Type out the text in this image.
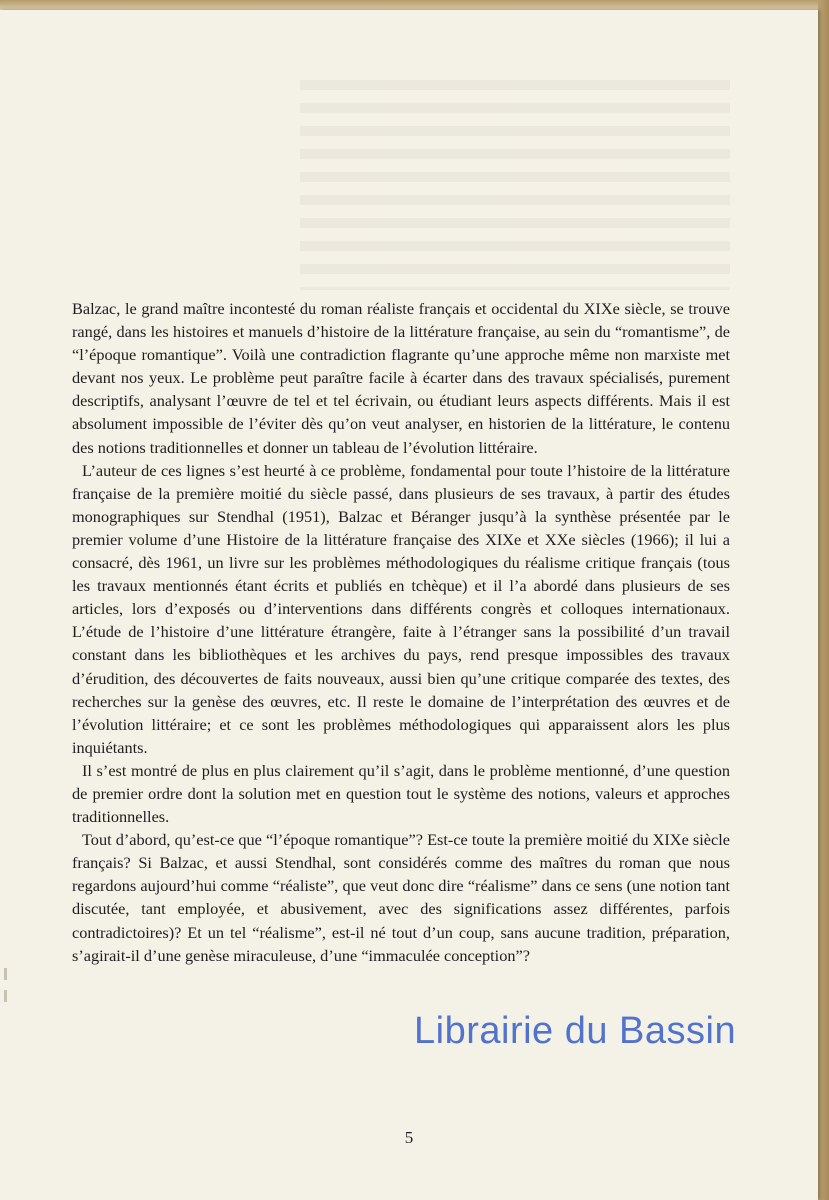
Balzac, le grand maître incontesté du roman réaliste français et occidental du XIXe siècle, se trouve rangé, dans les histoires et manuels d’histoire de la littérature française, au sein du “romantisme”, de “l’époque romantique”. Voilà une contradiction flagrante qu’une approche même non marxiste met devant nos yeux. Le problème peut paraître facile à écarter dans des travaux spécialisés, purement descriptifs, analysant l’œuvre de tel et tel écrivain, ou étudiant leurs aspects différents. Mais il est absolument impossible de l’éviter dès qu’on veut analyser, en historien de la littérature, le contenu des notions traditionnelles et donner un tableau de l’évolution littéraire.

L’auteur de ces lignes s’est heurté à ce problème, fondamental pour toute l’histoire de la littérature française de la première moitié du siècle passé, dans plusieurs de ses travaux, à partir des études monographiques sur Stendhal (1951), Balzac et Béranger jusqu’à la synthèse présentée par le premier volume d’une Histoire de la littérature française des XIXe et XXe siècles (1966); il lui a consacré, dès 1961, un livre sur les problèmes méthodologiques du réalisme critique français (tous les travaux mentionnés étant écrits et publiés en tchèque) et il l’a abordé dans plusieurs de ses articles, lors d’exposés ou d’interventions dans différents congrès et colloques internationaux. L’étude de l’histoire d’une littérature étrangère, faite à l’étranger sans la possibilité d’un travail constant dans les bibliothèques et les archives du pays, rend presque impossibles des travaux d’érudition, des découvertes de faits nouveaux, aussi bien qu’une critique comparée des textes, des recherches sur la genèse des œuvres, etc. Il reste le domaine de l’interprétation des œuvres et de l’évolution littéraire; et ce sont les problèmes méthodologiques qui apparaissent alors les plus inquiétants.

Il s’est montré de plus en plus clairement qu’il s’agit, dans le problème mentionné, d’une question de premier ordre dont la solution met en question tout le système des notions, valeurs et approches traditionnelles.

Tout d’abord, qu’est-ce que “l’époque romantique”? Est-ce toute la première moitié du XIXe siècle français? Si Balzac, et aussi Stendhal, sont considérés comme des maîtres du roman que nous regardons aujourd’hui comme “réaliste”, que veut donc dire “réalisme” dans ce sens (une notion tant discutée, tant employée, et abusivement, avec des significations assez différentes, parfois contradictoires)? Et un tel “réalisme”, est-il né tout d’un coup, sans aucune tradition, préparation, s’agirait-il d’une genèse miraculeuse, d’une “immaculée conception”?

Librairie du Bassin
5
